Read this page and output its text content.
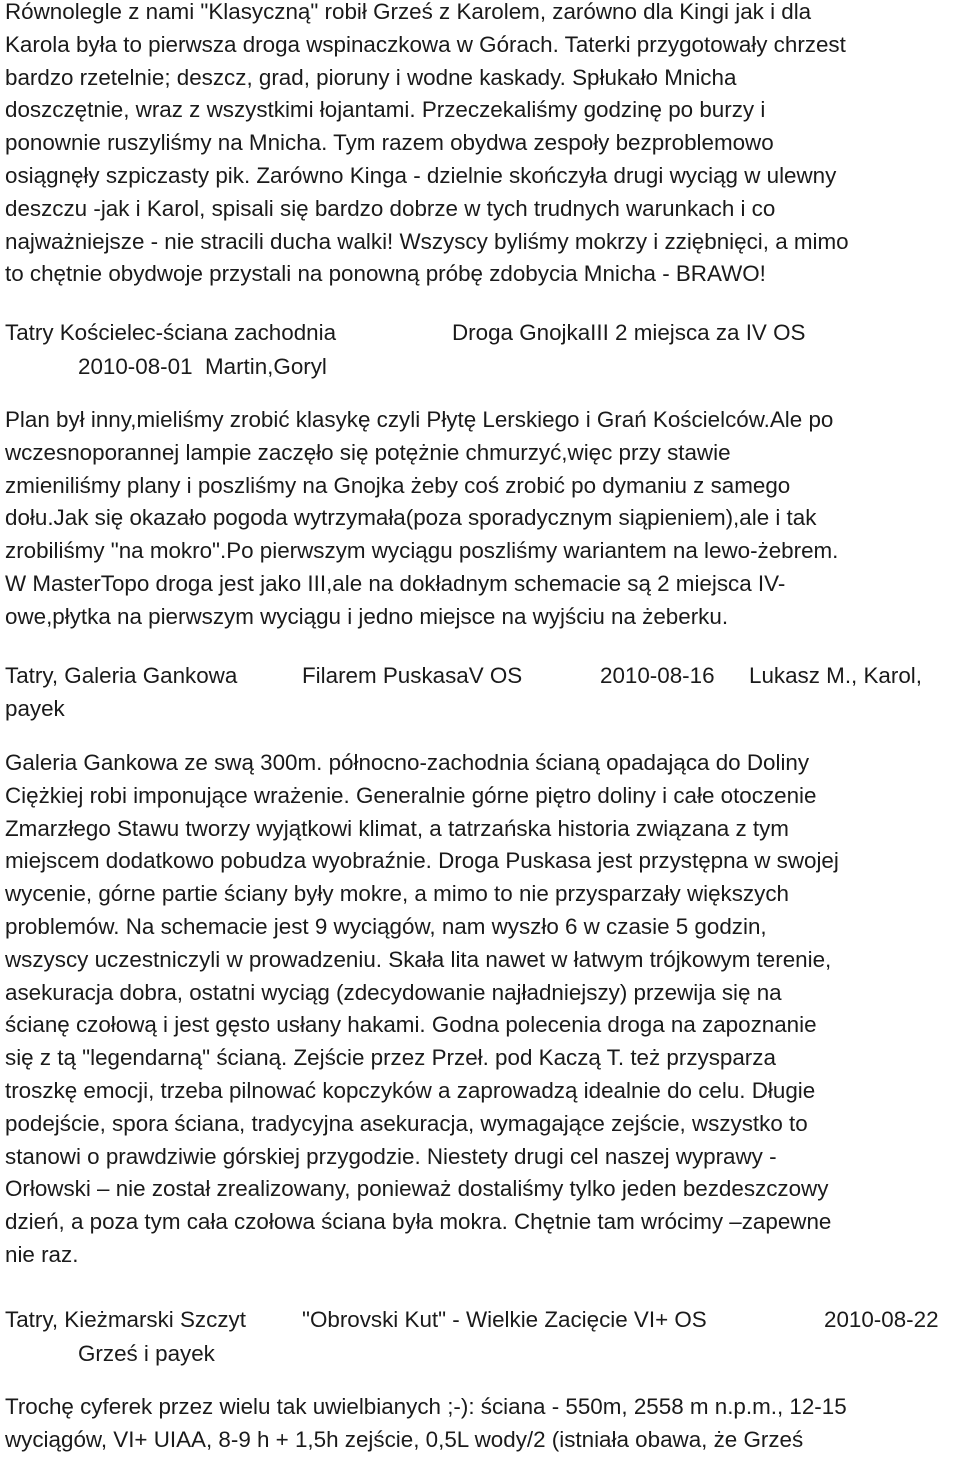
Równolegle z nami "Klasyczną" robił Grześ z Karolem, zarówno dla Kingi jak i dla
Karola była to pierwsza droga wspinaczkowa w Górach. Taterki przygotowały chrzest
bardzo rzetelnie; deszcz, grad, pioruny i wodne kaskady. Spłukało Mnicha
doszczętnie, wraz z wszystkimi łojantami. Przeczekaliśmy godzinę po burzy i
ponownie ruszyliśmy na Mnicha. Tym razem obydwa zespoły bezproblemowo
osiągnęły szpiczasty pik. Zarówno Kinga - dzielnie skończyła drugi wyciąg w ulewny
deszczu -jak i Karol, spisali się bardzo dobrze w tych trudnych warunkach i co
najważniejsze - nie stracili ducha walki! Wszyscy byliśmy mokrzy i zziębnięci, a mimo
to chętnie obydwoje przystali na ponowną próbę zdobycia Mnicha - BRAWO!
Tatry Kościelec-ściana zachodnia	Droga GnojkaIII 2 miejsca za IV OS
2010-08-01  Martin,Goryl
Plan był inny,mieliśmy zrobić klasykę czyli Płytę Lerskiego i Grań Kościelców.Ale po
wczesnoporannej lampie zaczęło się potężnie chmurzyć,więc przy stawie
zmieniliśmy plany i poszliśmy na Gnojka żeby coś zrobić po dymaniu z samego
dołu.Jak się okazało pogoda wytrzymała(poza sporadycznym siąpieniem),ale i tak
zrobiliśmy "na mokro".Po pierwszym wyciągu poszliśmy wariantem na lewo-żebrem.
W MasterTopo droga jest jako III,ale na dokładnym schemacie są 2 miejsca IV-
owe,płytka na pierwszym wyciągu i jedno miejsce na wyjściu na żeberku.
Tatry, Galeria Gankowa	Filarem PuskasaV OS	2010-08-16 Lukasz M., Karol,
payek
Galeria Gankowa ze swą 300m. północno-zachodnia ścianą opadająca do Doliny
Ciężkiej robi imponujące wrażenie. Generalnie górne piętro doliny i całe otoczenie
Zmarzłego Stawu tworzy wyjątkowi klimat, a tatrzańska historia związana z tym
miejscem dodatkowo pobudza wyobraźnie. Droga Puskasa jest przystępna w swojej
wycenie, górne partie ściany były mokre, a mimo to nie przysparzały większych
problemów. Na schemacie jest 9 wyciągów, nam wyszło 6 w czasie 5 godzin,
wszyscy uczestniczyli w prowadzeniu. Skała lita nawet w łatwym trójkowym terenie,
asekuracja dobra, ostatni wyciąg (zdecydowanie najładniejszy) przewija się na
ścianę czołową i jest gęsto usłany hakami. Godna polecenia droga na zapoznanie
się z tą "legendarną" ścianą. Zejście przez Przeł. pod Kaczą T. też przysparza
troszkę emocji, trzeba pilnować kopczyków a zaprowadzą idealnie do celu. Długie
podejście, spora ściana, tradycyjna asekuracja, wymagające zejście, wszystko to
stanowi o prawdziwie górskiej przygodzie. Niestety drugi cel naszej wyprawy -
Orłowski – nie został zrealizowany, ponieważ dostaliśmy tylko jeden bezdeszczowy
dzień, a poza tym cała czołowa ściana była mokra. Chętnie tam wrócimy –zapewne
nie raz.
Tatry, Kieżmarski Szczyt	"Obrovski Kut" - Wielkie Zacięcie VI+ OS	2010-08-22
Grześ i payek
Trochę cyferek przez wielu tak uwielbianych ;-): ściana - 550m, 2558 m n.p.m., 12-15
wyciągów, VI+ UIAA, 8-9 h + 1,5h zejście, 0,5L wody/2 (istniała obawa, że Grześ
